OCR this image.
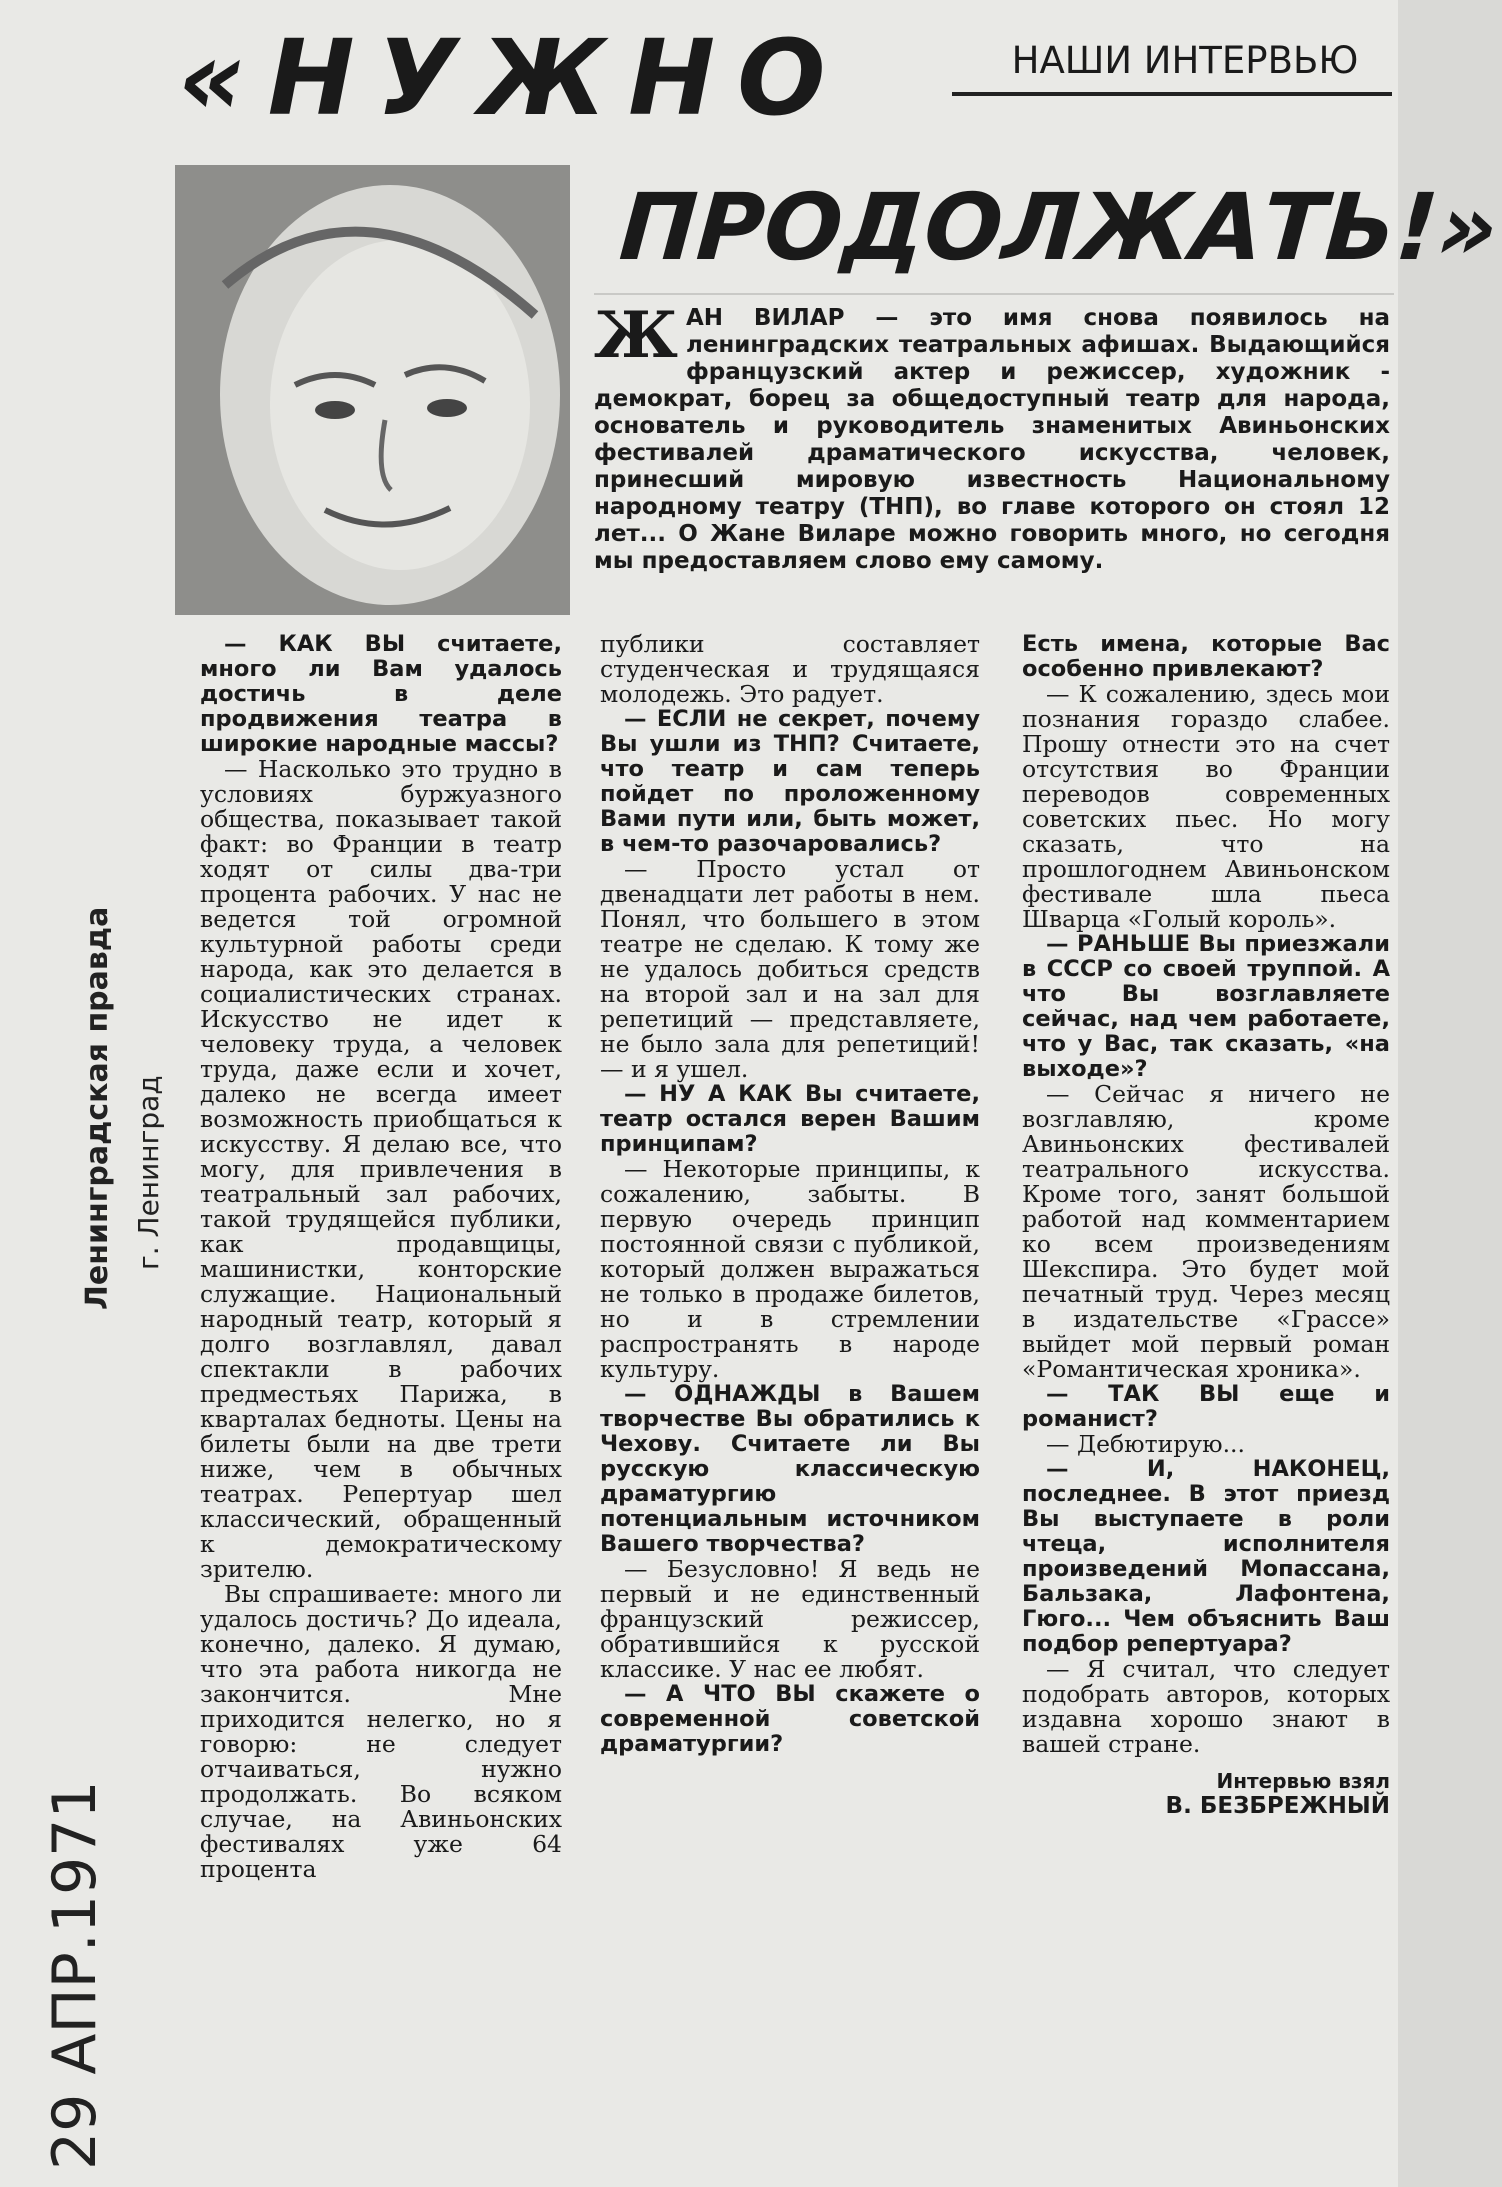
«НУЖНО	НАШИ ИНТЕРВЬЮ
ПРОДОЛЖАТЬ!»
Ж АН ВИЛАР — это имя снова появилось на ленинградских театральных афишах. Выдающийся французский актер и режиссер, художник - демократ, борец за общедоступный театр для народа, основатель и руководитель знаменитых Авиньонских фестивалей драматического искусства, человек, принесший мировую известность Национальному народному театру (ТНП), во главе которого он стоял 12 лет... О Жане Виларе можно говорить много, но сегодня мы предоставляем слово ему самому.

— КАК ВЫ считаете, много ли Вам удалось достичь в деле продвижения театра в широкие народные массы?

— Насколько это трудно в условиях буржуазного общества, показывает такой факт: во Франции в театр ходят от силы два-три процента рабочих. У нас не ведется той огромной культурной работы среди народа, как это делается в социалистических странах. Искусство не идет к человеку труда, а человек труда, даже если и хочет, далеко не всегда имеет возможность приобщаться к искусству. Я делаю все, что могу, для привлечения в театральный зал рабочих, такой трудящейся публики, как продавщицы, машинистки, конторские служащие. Национальный народный театр, который я долго возглавлял, давал спектакли в рабочих предместьях Парижа, в кварталах бедноты. Цены на билеты были на две трети ниже, чем в обычных театрах. Репертуар шел классический, обращенный к демократическому зрителю.

Вы спрашиваете: много ли удалось достичь? До идеала, конечно, далеко. Я думаю, что эта работа никогда не закончится. Мне приходится нелегко, но я говорю: не следует отчаиваться, нужно продолжать. Во всяком случае, на Авиньонских фестивалях уже 64 процента

публики составляет студенческая и трудящаяся молодежь. Это радует.

— ЕСЛИ не секрет, почему Вы ушли из ТНП? Считаете, что театр и сам теперь пойдет по проложенному Вами пути или, быть может, в чем-то разочаровались?

— Просто устал от двенадцати лет работы в нем. Понял, что большего в этом театре не сделаю. К тому же не удалось добиться средств на второй зал и на зал для репетиций — представляете, не было зала для репетиций! — и я ушел.

— НУ А КАК Вы считаете, театр остался верен Вашим принципам?

— Некоторые принципы, к сожалению, забыты. В первую очередь принцип постоянной связи с публикой, который должен выражаться не только в продаже билетов, но и в стремлении распространять в народе культуру.

— ОДНАЖДЫ в Вашем творчестве Вы обратились к Чехову. Считаете ли Вы русскую классическую драматургию потенциальным источником Вашего творчества?

— Безусловно! Я ведь не первый и не единственный французский режиссер, обратившийся к русской классике. У нас ее любят.

— А ЧТО ВЫ скажете о современной советской драматургии?

Есть имена, которые Вас особенно привлекают?

— К сожалению, здесь мои познания гораздо слабее. Прошу отнести это на счет отсутствия во Франции переводов современных советских пьес. Но могу сказать, что на прошлогоднем Авиньонском фестивале шла пьеса Шварца «Голый король».

— РАНЬШЕ Вы приезжали в СССР со своей труппой. А что Вы возглавляете сейчас, над чем работаете, что у Вас, так сказать, «на выходе»?

— Сейчас я ничего не возглавляю, кроме Авиньонских фестивалей театрального искусства. Кроме того, занят большой работой над комментарием ко всем произведениям Шекспира. Это будет мой печатный труд. Через месяц в издательстве «Грассе» выйдет мой первый роман «Романтическая хроника».

— ТАК ВЫ еще и романист?

— Дебютирую...

— И, НАКОНЕЦ, последнее. В этот приезд Вы выступаете в роли чтеца, исполнителя произведений Мопассана, Бальзака, Лафонтена, Гюго... Чем объяснить Ваш подбор репертуара?

— Я считал, что следует подобрать авторов, которых издавна хорошо знают в вашей стране.

Интервью взял
В. БЕЗБРЕЖНЫЙ
Ленинградская правда г. Ленинград
29 АПР.1971
